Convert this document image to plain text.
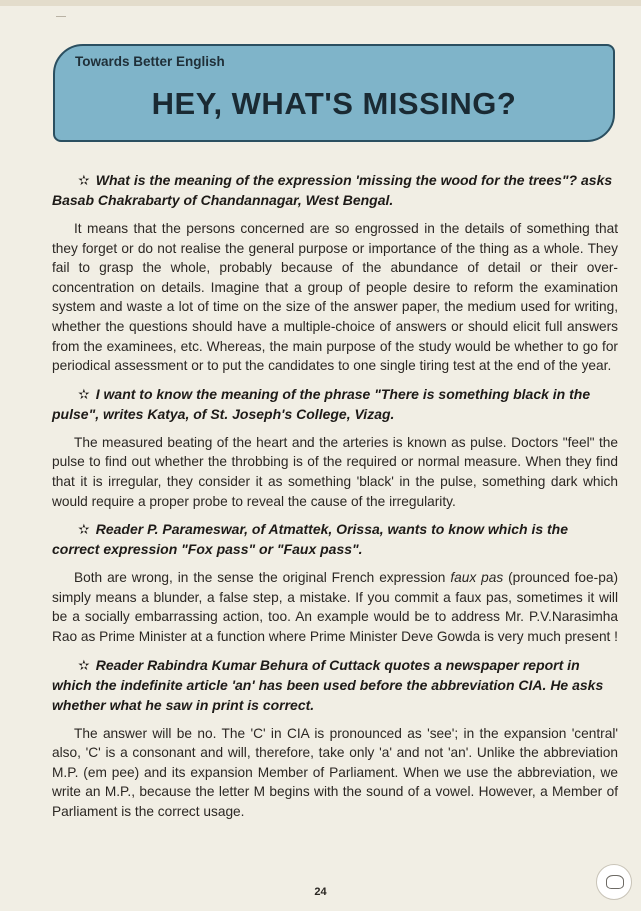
Towards Better English
HEY, WHAT'S MISSING?

✫ What is the meaning of the expression 'missing the wood for the trees"? asks Basab Chakrabarty of Chandannagar, West Bengal.

It means that the persons concerned are so engrossed in the details of something that they forget or do not realise the general purpose or importance of the thing as a whole. They fail to grasp the whole, probably because of the abundance of detail or their over-concentration on details. Imagine that a group of people desire to reform the examination system and waste a lot of time on the size of the answer paper, the medium used for writing, whether the questions should have a multiple-choice of answers or should elicit full answers from the examinees, etc. Whereas, the main purpose of the study would be whether to go for periodical assessment or to put the candidates to one single tiring test at the end of the year.

✫ I want to know the meaning of the phrase "There is something black in the pulse", writes Katya, of St. Joseph's College, Vizag.

The measured beating of the heart and the arteries is known as pulse. Doctors "feel" the pulse to find out whether the throbbing is of the required or normal measure. When they find that it is irregular, they consider it as something 'black' in the pulse, something dark which would require a proper probe to reveal the cause of the irregularity.

✫ Reader P. Parameswar, of Atmattek, Orissa, wants to know which is the correct expression "Fox pass" or "Faux pass".

Both are wrong, in the sense the original French expression faux pas (prounced foe-pa) simply means a blunder, a false step, a mistake. If you commit a faux pas, sometimes it will be a socially embarrassing action, too. An example would be to address Mr. P.V.Narasimha Rao as Prime Minister at a function where Prime Minister Deve Gowda is very much present !

✫ Reader Rabindra Kumar Behura of Cuttack quotes a newspaper report in which the indefinite article 'an' has been used before the abbreviation CIA. He asks whether what he saw in print is correct.

The answer will be no. The 'C' in CIA is pronounced as 'see'; in the expansion 'central' also, 'C' is a consonant and will, therefore, take only 'a' and not 'an'. Unlike the abbreviation M.P. (em pee) and its expansion Member of Parliament. When we use the abbreviation, we write an M.P., because the letter M begins with the sound of a vowel. However, a Member of Parliament is the correct usage.

24
